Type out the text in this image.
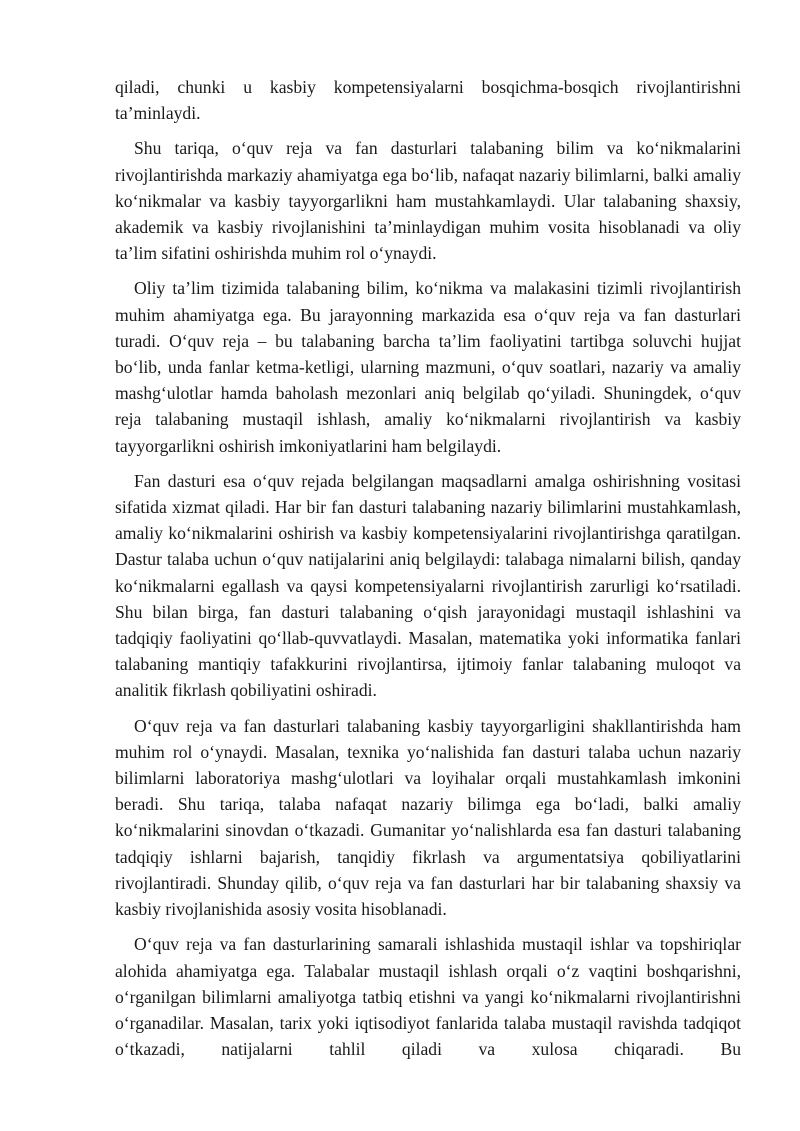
qiladi, chunki u kasbiy kompetensiyalarni bosqichma-bosqich rivojlantirishni ta’minlaydi.

Shu tariqa, o‘quv reja va fan dasturlari talabaning bilim va ko‘nikmalarini rivojlantirishda markaziy ahamiyatga ega bo‘lib, nafaqat nazariy bilimlarni, balki amaliy ko‘nikmalar va kasbiy tayyorgarlikni ham mustahkamlaydi. Ular talabaning shaxsiy, akademik va kasbiy rivojlanishini ta’minlaydigan muhim vosita hisoblanadi va oliy ta’lim sifatini oshirishda muhim rol o‘ynaydi.

Oliy ta’lim tizimida talabaning bilim, ko‘nikma va malakasini tizimli rivojlantirish muhim ahamiyatga ega. Bu jarayonning markazida esa o‘quv reja va fan dasturlari turadi. O‘quv reja – bu talabaning barcha ta’lim faoliyatini tartibga soluvchi hujjat bo‘lib, unda fanlar ketma-ketligi, ularning mazmuni, o‘quv soatlari, nazariy va amaliy mashg‘ulotlar hamda baholash mezonlari aniq belgilab qo‘yiladi. Shuningdek, o‘quv reja talabaning mustaqil ishlash, amaliy ko‘nikmalarni rivojlantirish va kasbiy tayyorgarlikni oshirish imkoniyatlarini ham belgilaydi.

Fan dasturi esa o‘quv rejada belgilangan maqsadlarni amalga oshirishning vositasi sifatida xizmat qiladi. Har bir fan dasturi talabaning nazariy bilimlarini mustahkamlash, amaliy ko‘nikmalarini oshirish va kasbiy kompetensiyalarini rivojlantirishga qaratilgan. Dastur talaba uchun o‘quv natijalarini aniq belgilaydi: talabaga nimalarni bilish, qanday ko‘nikmalarni egallash va qaysi kompetensiyalarni rivojlantirish zarurligi ko‘rsatiladi. Shu bilan birga, fan dasturi talabaning o‘qish jarayonidagi mustaqil ishlashini va tadqiqiy faoliyatini qo‘llab-quvvatlaydi. Masalan, matematika yoki informatika fanlari talabaning mantiqiy tafakkurini rivojlantirsa, ijtimoiy fanlar talabaning muloqot va analitik fikrlash qobiliyatini oshiradi.

O‘quv reja va fan dasturlari talabaning kasbiy tayyorgarligini shakllantirishda ham muhim rol o‘ynaydi. Masalan, texnika yo‘nalishida fan dasturi talaba uchun nazariy bilimlarni laboratoriya mashg‘ulotlari va loyihalar orqali mustahkamlash imkonini beradi. Shu tariqa, talaba nafaqat nazariy bilimga ega bo‘ladi, balki amaliy ko‘nikmalarini sinovdan o‘tkazadi. Gumanitar yo‘nalishlarda esa fan dasturi talabaning tadqiqiy ishlarni bajarish, tanqidiy fikrlash va argumentatsiya qobiliyatlarini rivojlantiradi. Shunday qilib, o‘quv reja va fan dasturlari har bir talabaning shaxsiy va kasbiy rivojlanishida asosiy vosita hisoblanadi.

O‘quv reja va fan dasturlarining samarali ishlashida mustaqil ishlar va topshiriqlar alohida ahamiyatga ega. Talabalar mustaqil ishlash orqali o‘z vaqtini boshqarishni, o‘rganilgan bilimlarni amaliyotga tatbiq etishni va yangi ko‘nikmalarni rivojlantirishni o‘rganadilar. Masalan, tarix yoki iqtisodiyot fanlarida talaba mustaqil ravishda tadqiqot o‘tkazadi, natijalarni tahlil qiladi va xulosa chiqaradi. Bu
